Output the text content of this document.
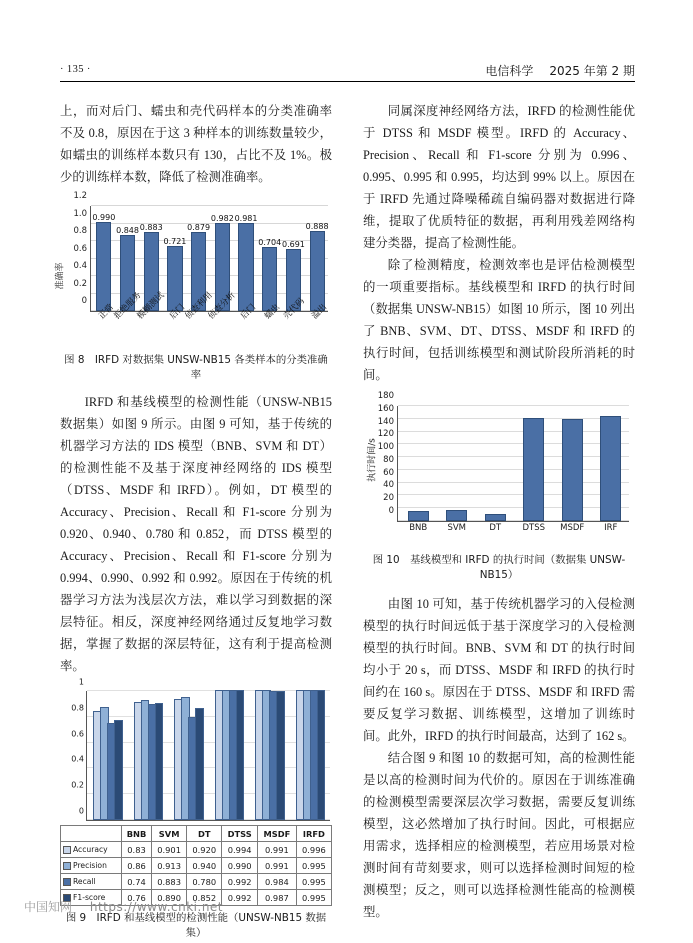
· 135 ·	电信科学 2025 年第 2 期

上，而对后门、蠕虫和壳代码样本的分类准确率不及 0.8，原因在于这 3 种样本的训练数量较少，如蠕虫的训练样本数只有 130，占比不及 1%。极少的训练样本数，降低了检测准确率。

准确率
0
0.2
0.4
0.6
0.8
1.0
1.2
0.990
正常
0.848
拒绝服务
0.883
模糊测试
0.721
后门
0.879
侦查利用
0.982
侦查分析
0.981
后门
0.704
蠕虫
0.691
壳代码
0.888
溢出
图 8　IRFD 对数据集 UNSW-NB15 各类样本的分类准确率

IRFD 和基线模型的检测性能（UNSW-NB15 数据集）如图 9 所示。由图 9 可知，基于传统的机器学习方法的 IDS 模型（BNB、SVM 和 DT）的检测性能不及基于深度神经网络的 IDS 模型（DTSS、MSDF 和 IRFD）。例如，DT 模型的 Accuracy、Precision、Recall 和 F1-score 分别为 0.920、0.940、0.780 和 0.852，而 DTSS 模型的 Accuracy、Precision、Recall 和 F1-score 分别为 0.994、0.990、0.992 和 0.992。原因在于传统的机器学习方法为浅层次方法，难以学习到数据的深层特征。相反，深度神经网络通过反复地学习数据，掌握了数据的深层特征，这有利于提高检测率。

0
0.2
0.4
0.6
0.8
1
	BNB	SVM	DT	DTSS	MSDF	IRFD
Accuracy	0.83	0.901	0.920	0.994	0.991	0.996
Precision	0.86	0.913	0.940	0.990	0.991	0.995
Recall	0.74	0.883	0.780	0.992	0.984	0.995
F1-score	0.76	0.890	0.852	0.992	0.987	0.995
图 9　IRFD 和基线模型的检测性能（UNSW-NB15 数据集）

同属深度神经网络方法，IRFD 的检测性能优于 DTSS 和 MSDF 模型。IRFD 的 Accuracy、Precision、Recall 和 F1-score 分别为 0.996、0.995、0.995 和 0.995，均达到 99% 以上。原因在于 IRFD 先通过降噪稀疏自编码器对数据进行降维，提取了优质特征的数据，再利用残差网络构建分类器，提高了检测性能。

除了检测精度，检测效率也是评估检测模型的一项重要指标。基线模型和 IRFD 的执行时间（数据集 UNSW-NB15）如图 10 所示，图 10 列出了 BNB、SVM、DT、DTSS、MSDF 和 IRFD 的执行时间，包括训练模型和测试阶段所消耗的时间。

执行时间/s
0
20
40
60
80
100
120
140
160
180
BNB SVM	DT	DTSS MSDF IRF
图 10　基线模型和 IRFD 的执行时间（数据集 UNSW-NB15）

由图 10 可知，基于传统机器学习的入侵检测模型的执行时间远低于基于深度学习的入侵检测模型的执行时间。BNB、SVM 和 DT 的执行时间均小于 20 s，而 DTSS、MSDF 和 IRFD 的执行时间约在 160 s。原因在于 DTSS、MSDF 和 IRFD 需要反复学习数据、训练模型，这增加了训练时间。此外，IRFD 的执行时间最高，达到了 162 s。

结合图 9 和图 10 的数据可知，高的检测性能是以高的检测时间为代价的。原因在于训练准确的检测模型需要深层次学习数据，需要反复训练模型，这必然增加了执行时间。因此，可根据应用需求，选择相应的检测模型，若应用场景对检测时间有苛刻要求，则可以选择检测时间短的检测模型；反之，则可以选择检测性能高的检测模型。

中国知网 https://www.cnki.net
